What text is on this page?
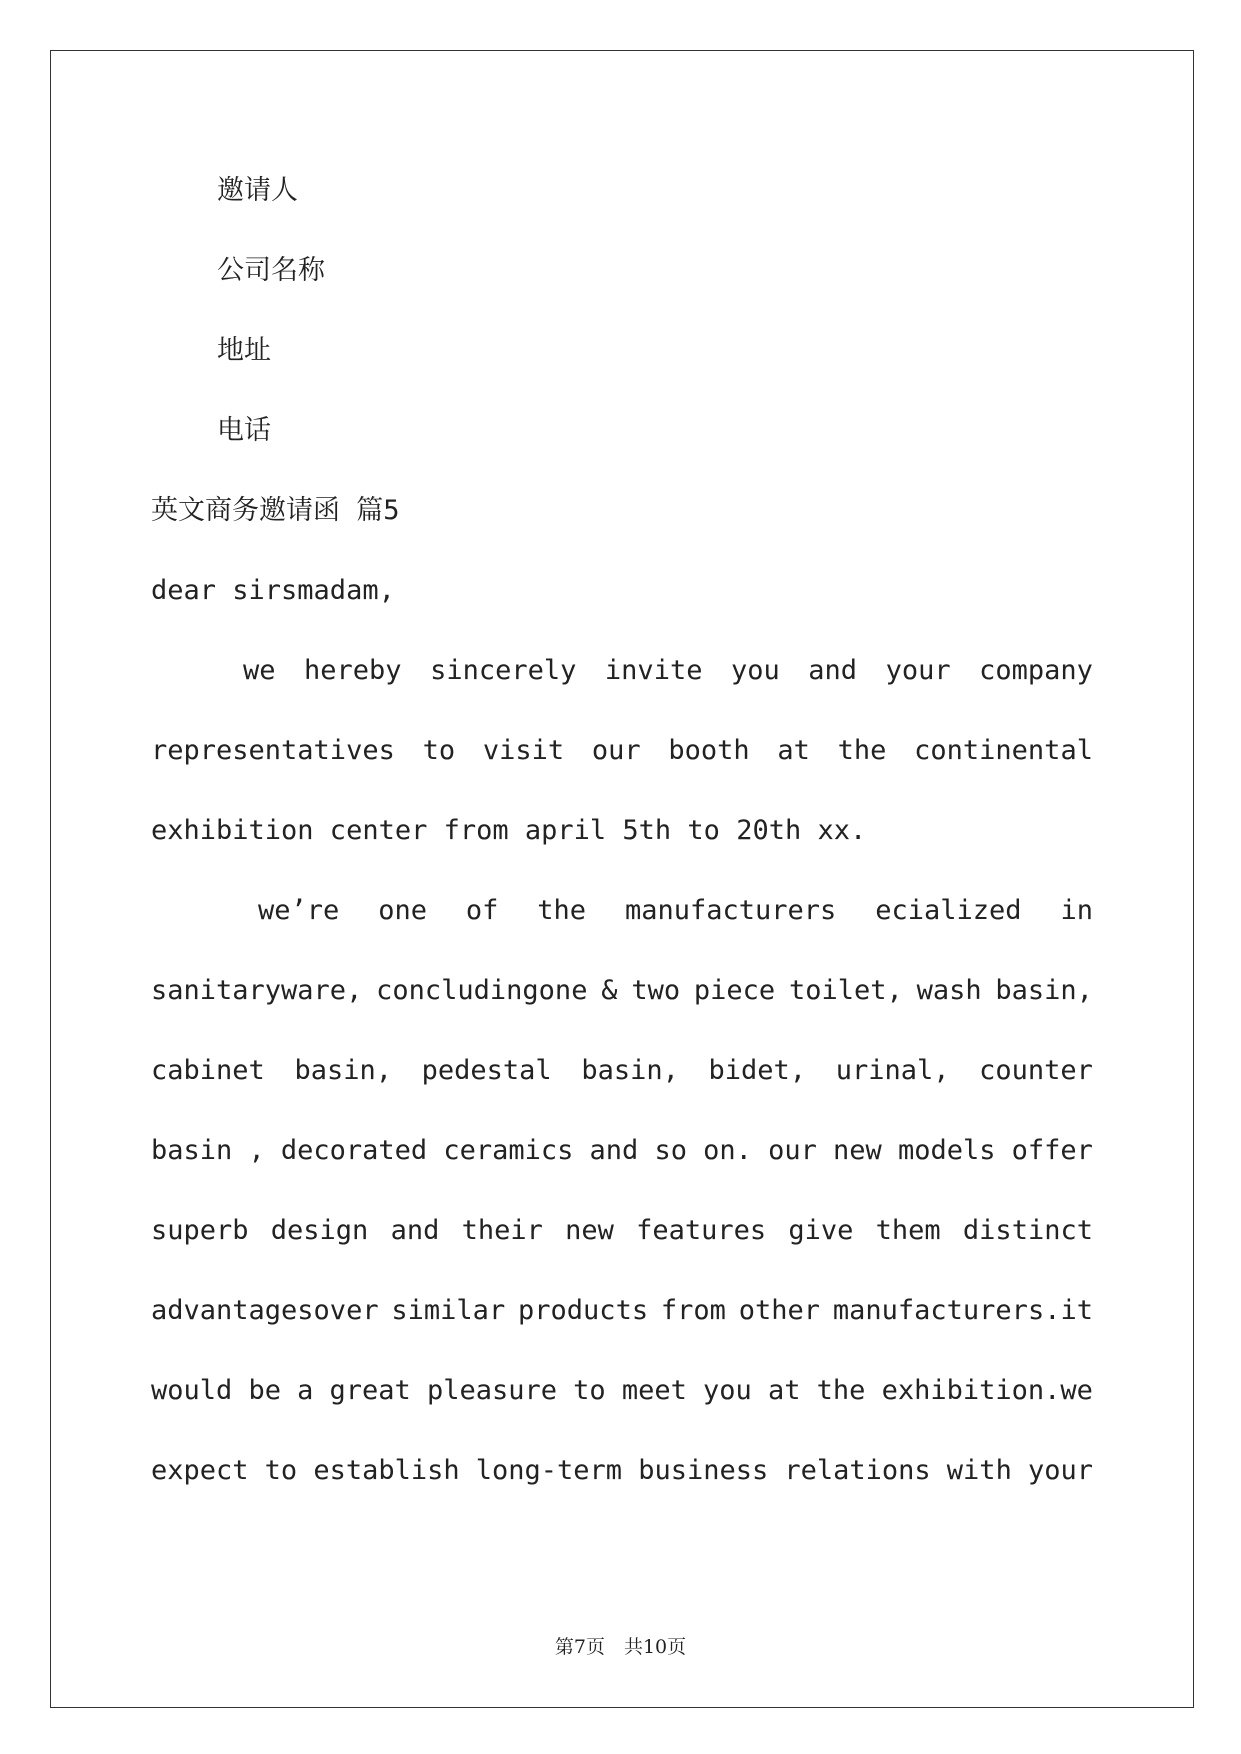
邀请人
公司名称
地址
电话
英文商务邀请函 篇5
dear sirsmadam,
we hereby sincerely invite you and your company
representatives to visit our booth at the continental
exhibition center from april 5th to 20th xx.
we’re one of the manufacturers ecialized in
sanitaryware, concludingone & two piece toilet, wash basin,
cabinet basin, pedestal basin, bidet, urinal, counter
basin , decorated ceramics and so on. our new models offer
superb design and their new features give them distinct
advantagesover similar products from other manufacturers.it
would be a great pleasure to meet you at the exhibition.we
expect to establish long-term business relations with your
第7页　共10页
